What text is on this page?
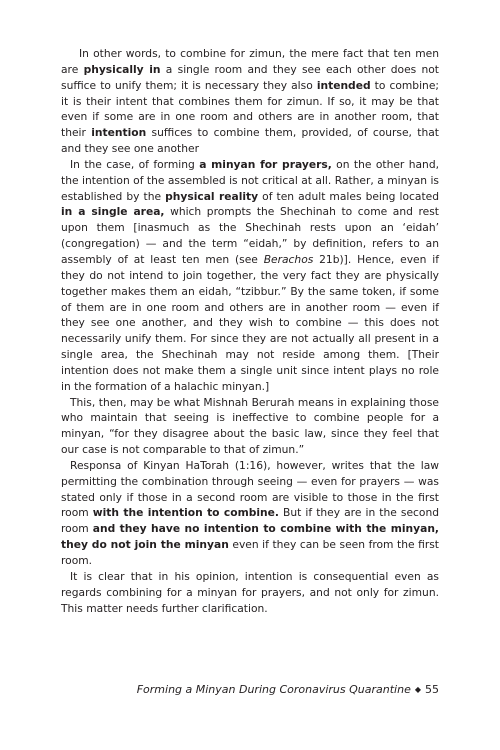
In other words, to combine for zimun, the mere fact that ten men are physically in a single room and they see each other does not suffice to unify them; it is necessary they also intended to combine; it is their intent that combines them for zimun. If so, it may be that even if some are in one room and others are in another room, that their intention suffices to combine them, provided, of course, that and they see one another

In the case, of forming a minyan for prayers, on the other hand, the intention of the assembled is not critical at all. Rather, a minyan is established by the physical reality of ten adult males being located in a single area, which prompts the Shechinah to come and rest upon them [inasmuch as the Shechinah rests upon an ‘eidah’ (congregation) — and the term “eidah,” by definition, refers to an assembly of at least ten men (see Berachos 21b)]. Hence, even if they do not intend to join together, the very fact they are physically together makes them an eidah, “tzibbur.” By the same token, if some of them are in one room and others are in another room — even if they see one another, and they wish to combine — this does not necessarily unify them. For since they are not actually all present in a single area, the Shechinah may not reside among them. [Their intention does not make them a single unit since intent plays no role in the formation of a halachic minyan.]

This, then, may be what Mishnah Berurah means in explaining those who maintain that seeing is ineffective to combine people for a minyan, “for they disagree about the basic law, since they feel that our case is not comparable to that of zimun.”

Responsa of Kinyan HaTorah (1:16), however, writes that the law permitting the combination through seeing — even for prayers — was stated only if those in a second room are visible to those in the first room with the intention to combine. But if they are in the second room and they have no intention to combine with the minyan, they do not join the minyan even if they can be seen from the first room.

It is clear that in his opinion, intention is consequential even as regards combining for a minyan for prayers, and not only for zimun. This matter needs further clarification.

Forming a Minyan During Coronavirus Quarantine ◆ 55
